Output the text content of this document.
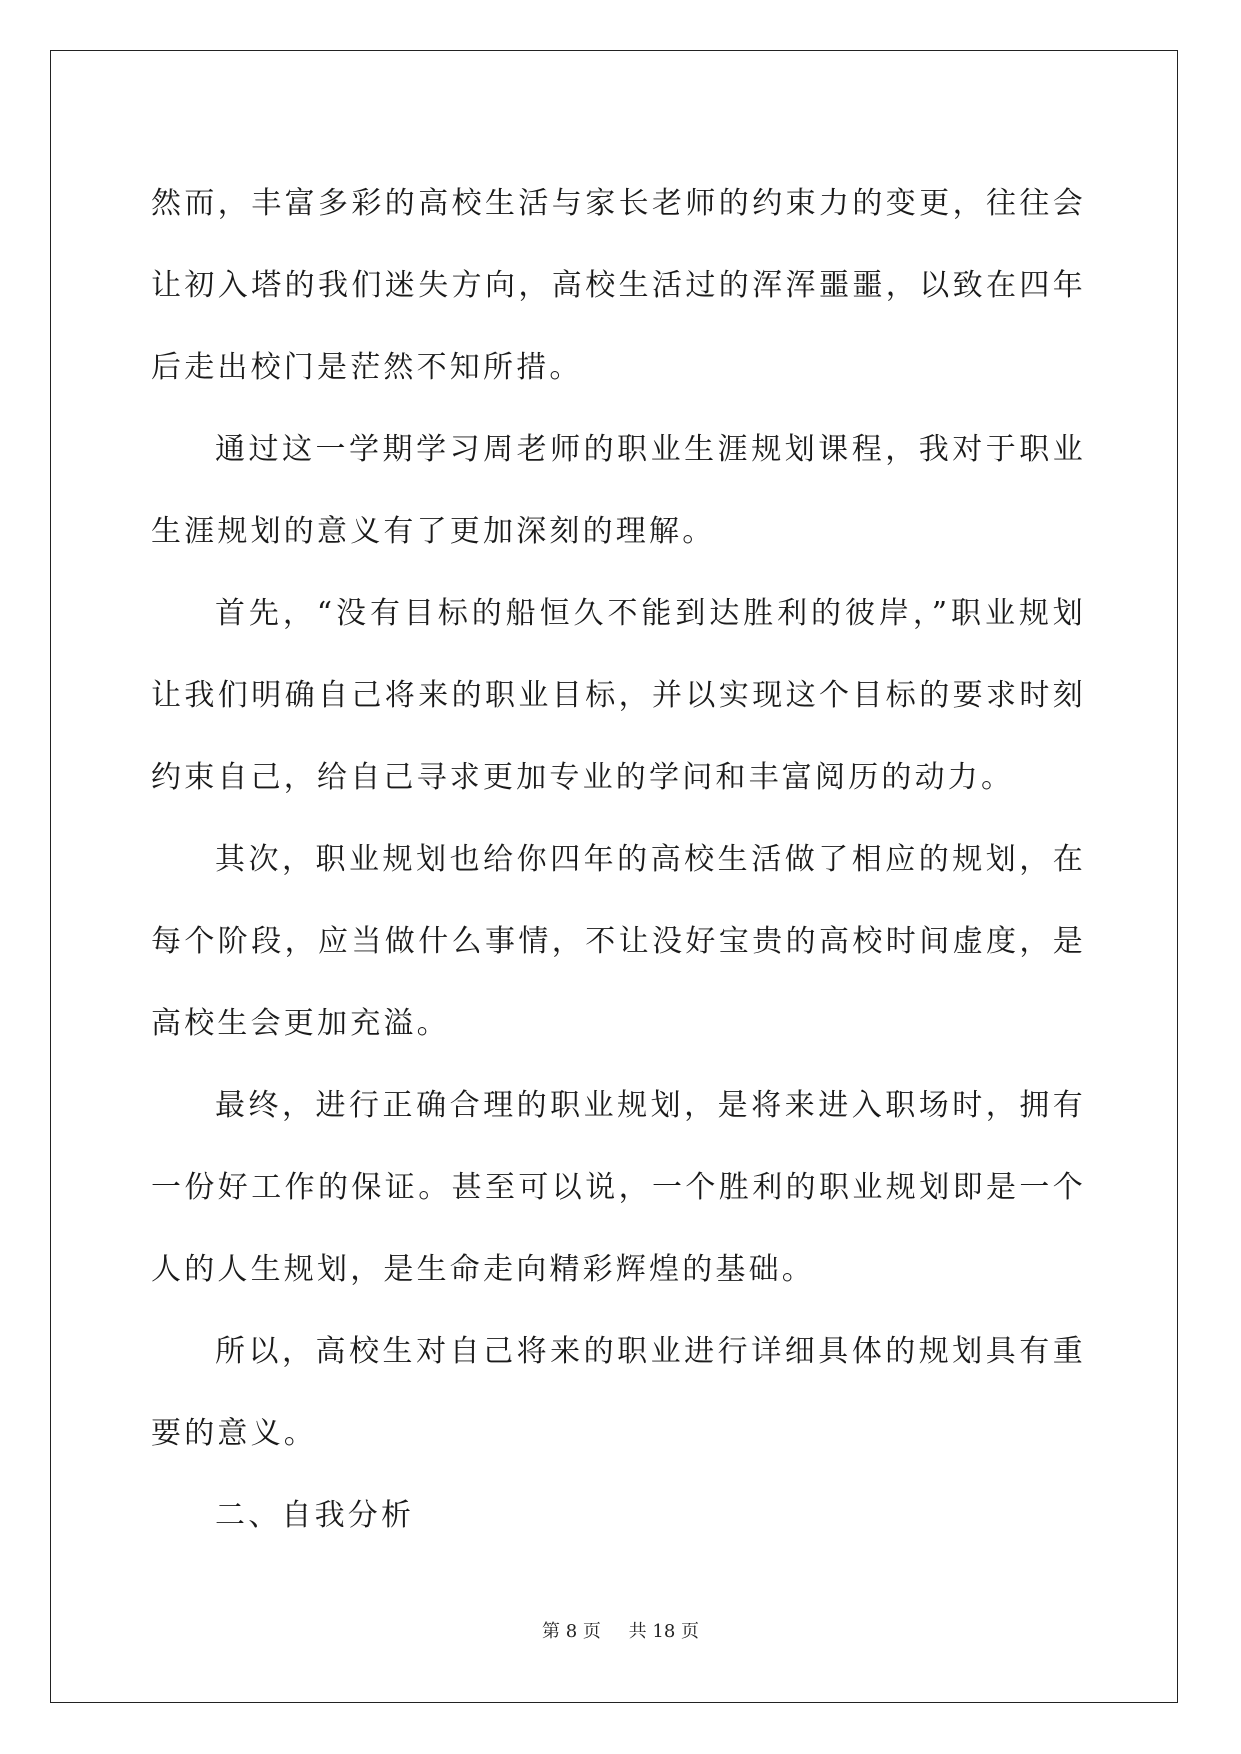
然而，丰富多彩的高校生活与家长老师的约束力的变更，往往会让初入塔的我们迷失方向，高校生活过的浑浑噩噩，以致在四年后走出校门是茫然不知所措。

通过这一学期学习周老师的职业生涯规划课程，我对于职业生涯规划的意义有了更加深刻的理解。

首先，“没有目标的船恒久不能到达胜利的彼岸，”职业规划让我们明确自己将来的职业目标，并以实现这个目标的要求时刻约束自己，给自己寻求更加专业的学问和丰富阅历的动力。

其次，职业规划也给你四年的高校生活做了相应的规划，在每个阶段，应当做什么事情，不让没好宝贵的高校时间虚度，是高校生会更加充溢。

最终，进行正确合理的职业规划，是将来进入职场时，拥有一份好工作的保证。甚至可以说，一个胜利的职业规划即是一个人的人生规划，是生命走向精彩辉煌的基础。

所以，高校生对自己将来的职业进行详细具体的规划具有重要的意义。

二、自我分析

第 8 页 共 18 页
